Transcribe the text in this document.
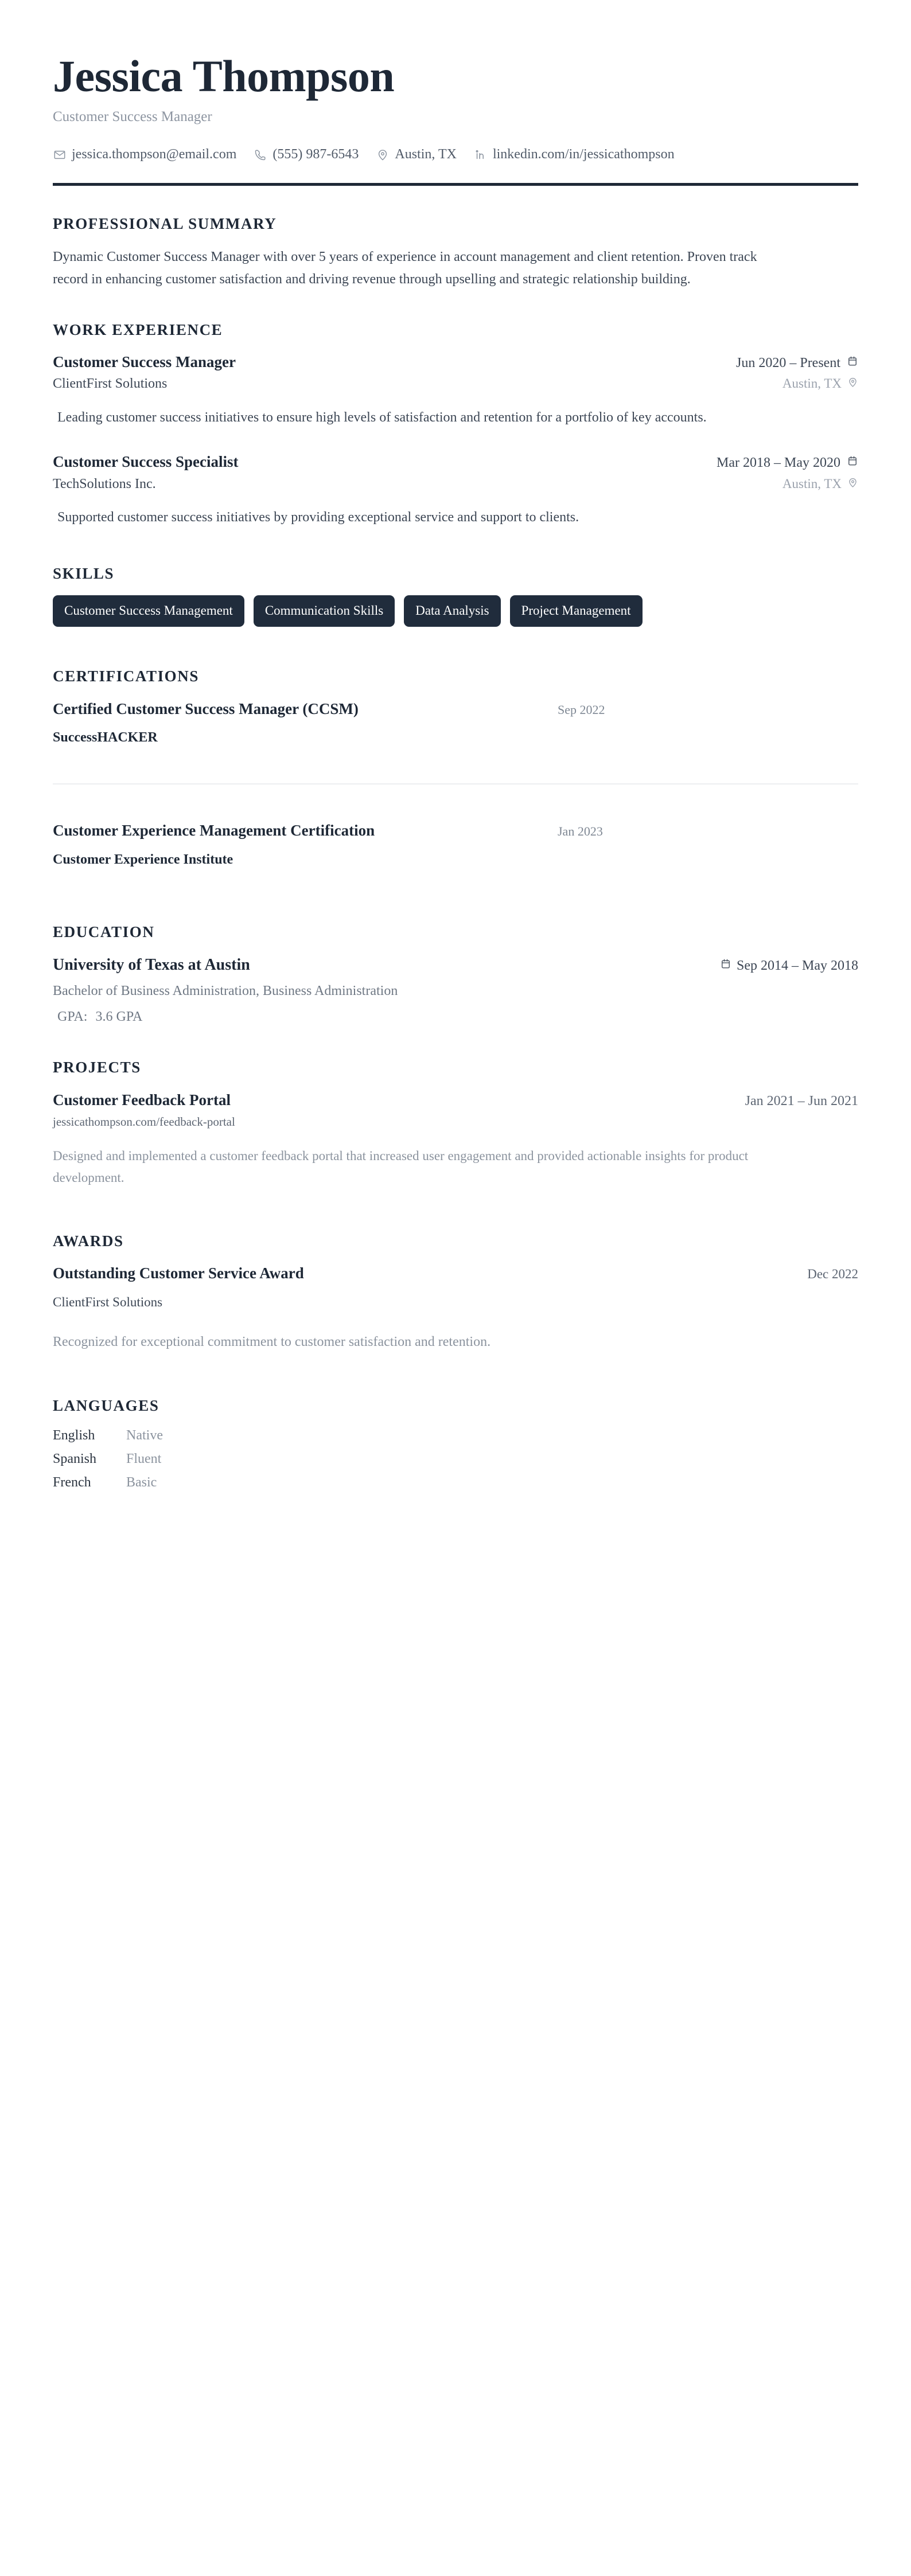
Jessica Thompson
Customer Success Manager
jessica.thompson@email.com	(555) 987-6543	Austin, TX	linkedin.com/in/jessicathompson
PROFESSIONAL SUMMARY

Dynamic Customer Success Manager with over 5 years of experience in account management and client retention. Proven track record in enhancing customer satisfaction and driving revenue through upselling and strategic relationship building.

WORK EXPERIENCE
Customer Success Manager	Jun 2020 – Present
ClientFirst Solutions	Austin, TX

Leading customer success initiatives to ensure high levels of satisfaction and retention for a portfolio of key accounts.

Customer Success Specialist	Mar 2018 – May 2020
TechSolutions Inc.	Austin, TX

Supported customer success initiatives by providing exceptional service and support to clients.

SKILLS
Customer Success Management	Communication Skills	Data Analysis	Project Management
CERTIFICATIONS
Certified Customer Success Manager (CCSM)	Sep 2022
SuccessHACKER
Customer Experience Management Certification	Jan 2023
Customer Experience Institute
EDUCATION
University of Texas at Austin	Sep 2014 – May 2018
Bachelor of Business Administration, Business Administration
GPA: 3.6 GPA
PROJECTS
Customer Feedback Portal	Jan 2021 – Jun 2021
jessicathompson.com/feedback-portal

Designed and implemented a customer feedback portal that increased user engagement and provided actionable insights for product development.

AWARDS
Outstanding Customer Service Award	Dec 2022
ClientFirst Solutions

Recognized for exceptional commitment to customer satisfaction and retention.

LANGUAGES
English	Native
Spanish	Fluent
French	Basic
